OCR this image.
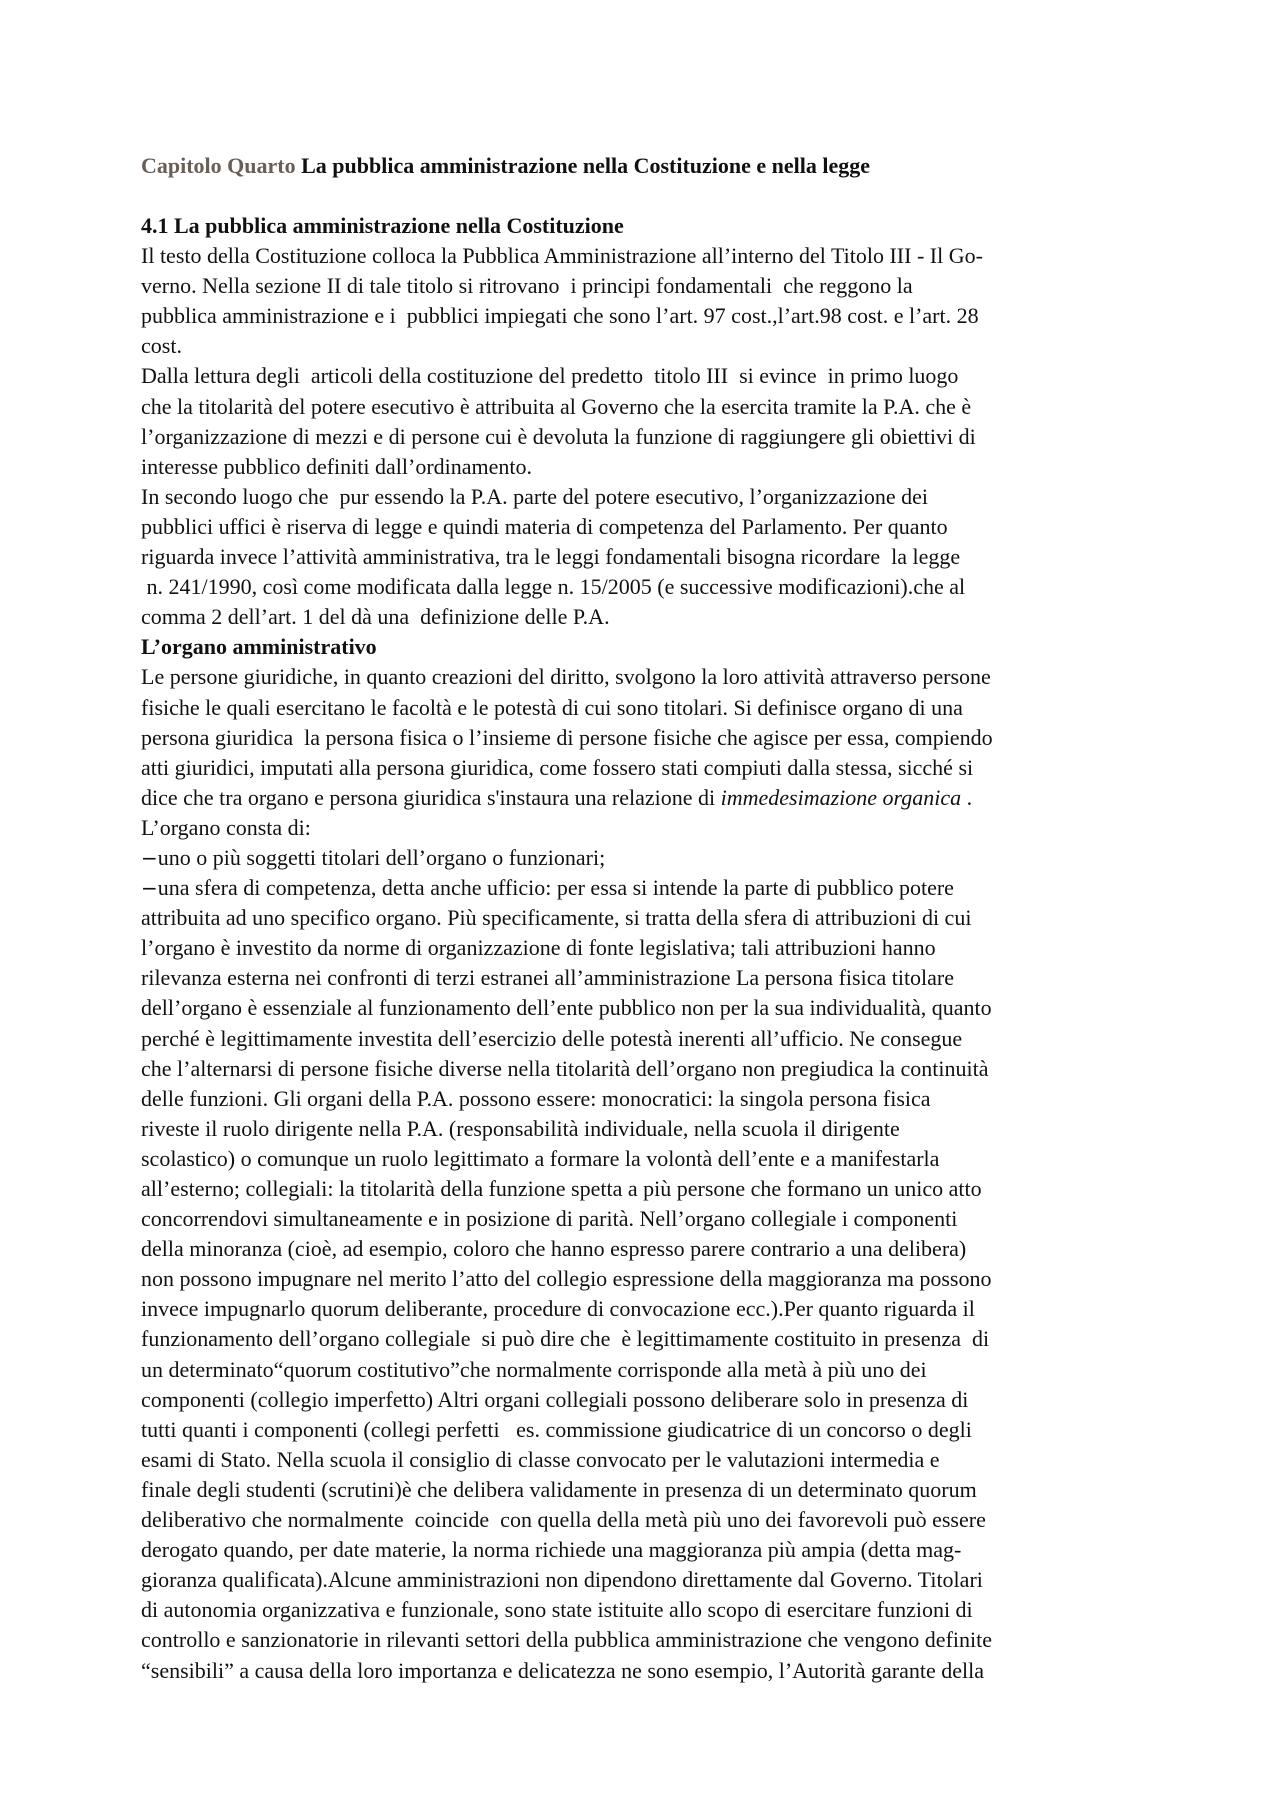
Capitolo Quarto La pubblica amministrazione nella Costituzione e nella legge
4.1 La pubblica amministrazione nella Costituzione
Il testo della Costituzione colloca la Pubblica Amministrazione all’interno del Titolo III - Il Go-
verno. Nella sezione II di tale titolo si ritrovano  i principi fondamentali  che reggono la
pubblica amministrazione e i  pubblici impiegati che sono l’art. 97 cost.,l’art.98 cost. e l’art. 28
cost.
Dalla lettura degli  articoli della costituzione del predetto  titolo III  si evince  in primo luogo
che la titolarità del potere esecutivo è attribuita al Governo che la esercita tramite la P.A. che è
l’organizzazione di mezzi e di persone cui è devoluta la funzione di raggiungere gli obiettivi di
interesse pubblico definiti dall’ordinamento.
In secondo luogo che  pur essendo la P.A. parte del potere esecutivo, l’organizzazione dei
pubblici uffici è riserva di legge e quindi materia di competenza del Parlamento. Per quanto
riguarda invece l’attività amministrativa, tra le leggi fondamentali bisogna ricordare  la legge
n. 241/1990, così come modificata dalla legge n. 15/2005 (e successive modificazioni).che al
comma 2 dell’art. 1 del dà una  definizione delle P.A.
L’organo amministrativo
Le persone giuridiche, in quanto creazioni del diritto, svolgono la loro attività attraverso persone
fisiche le quali esercitano le facoltà e le potestà di cui sono titolari. Si definisce organo di una
persona giuridica  la persona fisica o l’insieme di persone fisiche che agisce per essa, compiendo
atti giuridici, imputati alla persona giuridica, come fossero stati compiuti dalla stessa, sicché si
dice che tra organo e persona giuridica s'instaura una relazione di immedesimazione organica .
L’organo consta di:
−uno o più soggetti titolari dell’organo o funzionari;
−una sfera di competenza, detta anche ufficio: per essa si intende la parte di pubblico potere
attribuita ad uno specifico organo. Più specificamente, si tratta della sfera di attribuzioni di cui
l’organo è investito da norme di organizzazione di fonte legislativa; tali attribuzioni hanno
rilevanza esterna nei confronti di terzi estranei all’amministrazione La persona fisica titolare
dell’organo è essenziale al funzionamento dell’ente pubblico non per la sua individualità, quanto
perché è legittimamente investita dell’esercizio delle potestà inerenti all’ufficio. Ne consegue
che l’alternarsi di persone fisiche diverse nella titolarità dell’organo non pregiudica la continuità
delle funzioni. Gli organi della P.A. possono essere: monocratici: la singola persona fisica
riveste il ruolo dirigente nella P.A. (responsabilità individuale, nella scuola il dirigente
scolastico) o comunque un ruolo legittimato a formare la volontà dell’ente e a manifestarla
all’esterno; collegiali: la titolarità della funzione spetta a più persone che formano un unico atto
concorrendovi simultaneamente e in posizione di parità. Nell’organo collegiale i componenti
della minoranza (cioè, ad esempio, coloro che hanno espresso parere contrario a una delibera)
non possono impugnare nel merito l’atto del collegio espressione della maggioranza ma possono
invece impugnarlo quorum deliberante, procedure di convocazione ecc.).Per quanto riguarda il
funzionamento dell’organo collegiale  si può dire che  è legittimamente costituito in presenza  di
un determinato“quorum costitutivo”che normalmente corrisponde alla metà à più uno dei
componenti (collegio imperfetto) Altri organi collegiali possono deliberare solo in presenza di
tutti quanti i componenti (collegi perfetti   es. commissione giudicatrice di un concorso o degli
esami di Stato. Nella scuola il consiglio di classe convocato per le valutazioni intermedia e
finale degli studenti (scrutini)è che delibera validamente in presenza di un determinato quorum
deliberativo che normalmente  coincide  con quella della metà più uno dei favorevoli può essere
derogato quando, per date materie, la norma richiede una maggioranza più ampia (detta mag-
gioranza qualificata).Alcune amministrazioni non dipendono direttamente dal Governo. Titolari
di autonomia organizzativa e funzionale, sono state istituite allo scopo di esercitare funzioni di
controllo e sanzionatorie in rilevanti settori della pubblica amministrazione che vengono definite
“sensibili” a causa della loro importanza e delicatezza ne sono esempio, l’Autorità garante della
